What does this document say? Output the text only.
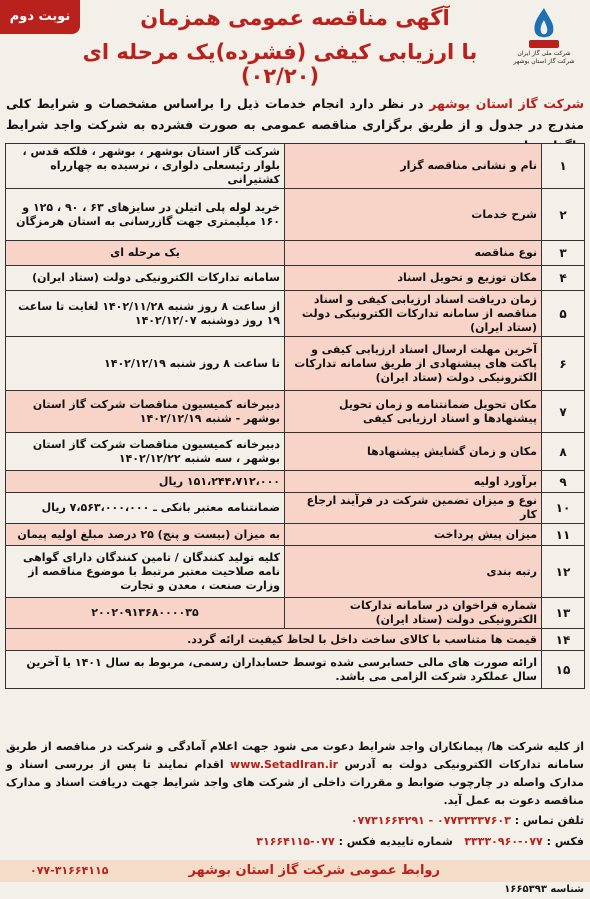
نوبت دوم	آگهی مناقصه عمومی همزمان
با ارزیابی کیفی (فشرده)یک مرحله ای (۰۲/۲۰)
شرکت ملی گاز ایران
شرکت گاز استان بوشهر
شرکت گاز استان بوشهر در نظر دارد انجام خدمات ذیل را براساس مشخصات و شرایط کلی مندرج در جدول و از طریق برگزاری مناقصه عمومی به صورت فشرده به شرکت واجد شرایط
۱	نام و نشانی مناقصه گزار	شرکت گاز استان بوشهر ، بوشهر ، فلکه قدس ، بلوار رئیسعلی دلواری ، نرسیده به چهارراه کشتیرانی
۲	شرح خدمات	خرید لوله پلی اتیلن در سایزهای ۶۳ ، ۹۰ ، ۱۲۵ و ۱۶۰ میلیمتری جهت گازرسانی به استان هرمزگان
۳	نوع مناقصه	یک مرحله ای
۴	مکان توزیع و تحویل اسناد	سامانه تدارکات الکترونیکی دولت (ستاد ایران)
۵	زمان دریافت اسناد ارزیابی کیفی و اسناد مناقصه از سامانه تدارکات الکترونیکی دولت (ستاد ایران)	از ساعت ۸ روز شنبه ۱۴۰۲/۱۱/۲۸ لغایت تا ساعت ۱۹ روز دوشنبه ۱۴۰۲/۱۲/۰۷
۶	آخرین مهلت ارسال اسناد ارزیابی کیفی و پاکت های پیشنهادی از طریق سامانه تدارکات الکترونیکی دولت (ستاد ایران)	تا ساعت ۸ روز شنبه ۱۴۰۲/۱۲/۱۹
۷	مکان تحویل ضمانتنامه و زمان تحویل پیشنهادها و اسناد ارزیابی کیفی	دبیرخانه کمیسیون مناقصات شرکت گاز استان بوشهر - شنبه ۱۴۰۲/۱۲/۱۹
۸	مکان و زمان گشایش پیشنهادها	دبیرخانه کمیسیون مناقصات شرکت گاز استان بوشهر ، سه شنبه ۱۴۰۲/۱۲/۲۲
۹	برآورد اولیه	۱۵۱،۲۴۴،۷۱۲،۰۰۰ ریال
۱۰	نوع و میزان تضمین شرکت در فرآیند ارجاع کار	ضمانتنامه معتبر بانکی ـ ۷،۵۶۳،۰۰۰،۰۰۰ ریال
۱۱	میزان پیش پرداخت	به میزان (بیست و پنج) ۲۵ درصد مبلغ اولیه پیمان
۱۲	رتبه بندی	کلیه تولید کنندگان / تامین کنندگان دارای گواهی نامه صلاحیت معتبر مرتبط با موضوع مناقصه از وزارت صنعت ، معدن و تجارت
۱۳	شماره فراخوان در سامانه تدارکات الکترونیکی دولت (ستاد ایران)	۲۰۰۲۰۹۱۳۶۸۰۰۰۰۳۵
۱۴	قیمت ها متناسب با کالای ساخت داخل با لحاظ کیفیت ارائه گردد.	
۱۵	ارائه صورت های مالی حسابرسی شده توسط حسابداران رسمی، مربوط به سال ۱۴۰۱ یا آخرین سال عملکرد شرکت الزامی می باشد.	
از کلیه شرکت ها/ پیمانکاران واجد شرایط دعوت می شود جهت اعلام آمادگی و شرکت در مناقصه از طریق سامانه تدارکات الکترونیکی دولت به آدرس www.SetadIran.ir اقدام نمایند تا پس از بررسی اسناد و مدارک واصله در چارچوب ضوابط و مقررات داخلی از شرکت های واجد شرایط جهت دریافت اسناد و مدارک مناقصه دعوت به عمل آید.
تلفن تماس : ۰۷۷۳۳۳۳۷۶۰۳ - ۰۷۷۳۱۶۶۴۲۹۱
فکس : ۰۷۷-۳۳۳۳۰۹۶۰   شماره تاییدیه فکس : ۰۷۷-۳۱۶۶۴۱۱۵
روابط عمومی شرکت گاز استان بوشهر
۰۷۷-۳۱۶۶۴۱۱۵
شناسه ۱۶۶۵۳۹۳
